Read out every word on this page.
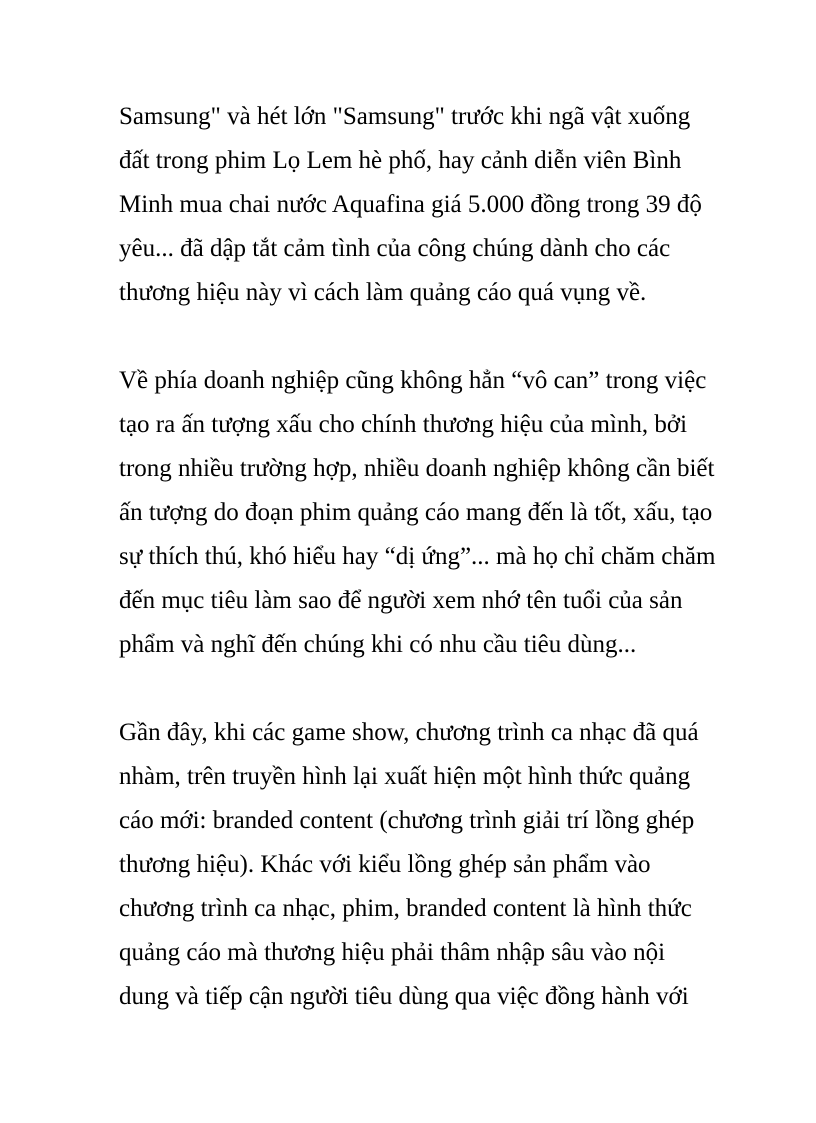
Samsung" và hét lớn "Samsung" trước khi ngã vật xuống
đất trong phim Lọ Lem hè phố, hay cảnh diễn viên Bình
Minh mua chai nước Aquafina giá 5.000 đồng trong 39 độ
yêu... đã dập tắt cảm tình của công chúng dành cho các
thương hiệu này vì cách làm quảng cáo quá vụng về.
Về phía doanh nghiệp cũng không hẳn “vô can” trong việc
tạo ra ấn tượng xấu cho chính thương hiệu của mình, bởi
trong nhiều trường hợp, nhiều doanh nghiệp không cần biết
ấn tượng do đoạn phim quảng cáo mang đến là tốt, xấu, tạo
sự thích thú, khó hiểu hay “dị ứng”... mà họ chỉ chăm chăm
đến mục tiêu làm sao để người xem nhớ tên tuổi của sản
phẩm và nghĩ đến chúng khi có nhu cầu tiêu dùng...
Gần đây, khi các game show, chương trình ca nhạc đã quá
nhàm, trên truyền hình lại xuất hiện một hình thức quảng
cáo mới: branded content (chương trình giải trí lồng ghép
thương hiệu). Khác với kiểu lồng ghép sản phẩm vào
chương trình ca nhạc, phim, branded content là hình thức
quảng cáo mà thương hiệu phải thâm nhập sâu vào nội
dung và tiếp cận người tiêu dùng qua việc đồng hành với
